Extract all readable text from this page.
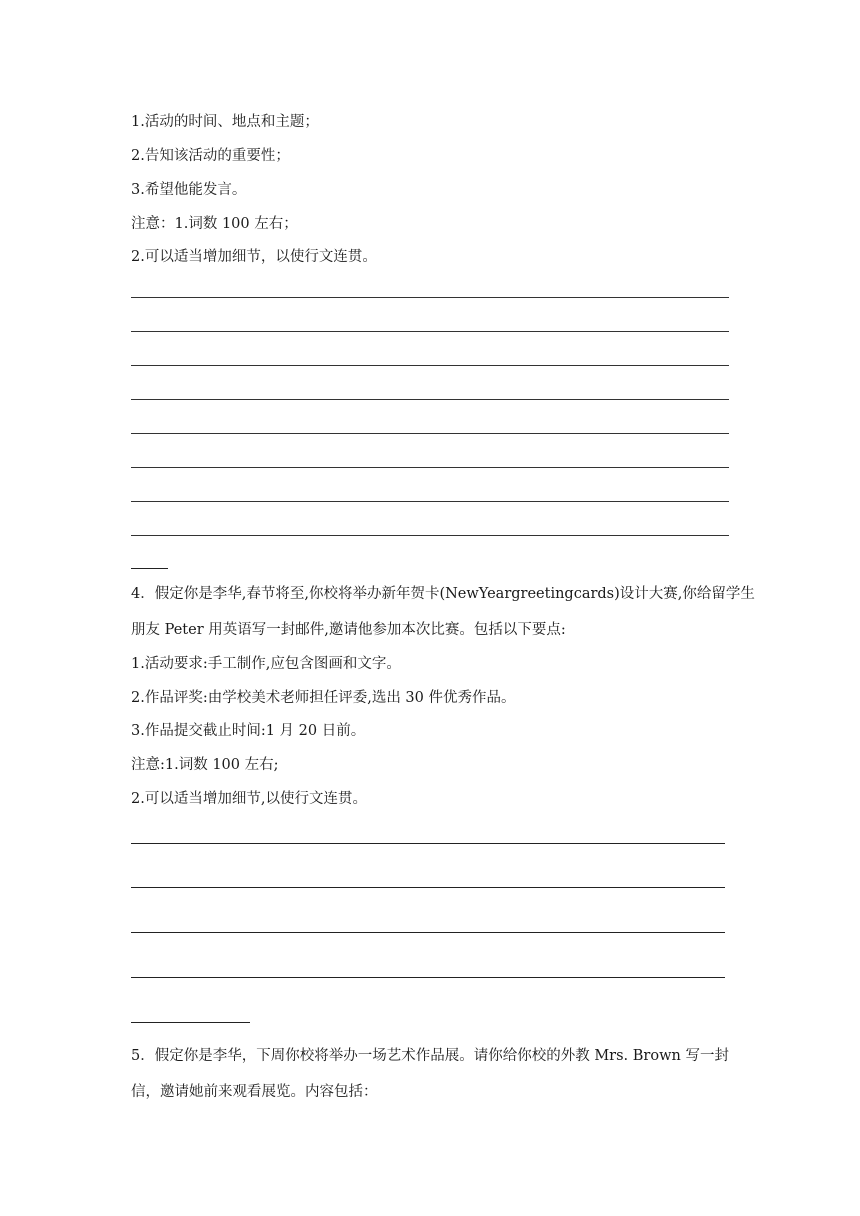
1.活动的时间、地点和主题；
2.告知该活动的重要性；
3.希望他能发言。
注意：1.词数 100 左右；
2.可以适当增加细节，以使行文连贯。
4．假定你是李华,春节将至,你校将举办新年贺卡(NewYeargreetingcards)设计大赛,你给留学生
朋友 Peter 用英语写一封邮件,邀请他参加本次比赛。包括以下要点:
1.活动要求:手工制作,应包含图画和文字。
2.作品评奖:由学校美术老师担任评委,选出 30 件优秀作品。
3.作品提交截止时间:1 月 20 日前。
注意:1.词数 100 左右;
2.可以适当增加细节,以使行文连贯。
5．假定你是李华，下周你校将举办一场艺术作品展。请你给你校的外教 Mrs. Brown 写一封
信，邀请她前来观看展览。内容包括：
